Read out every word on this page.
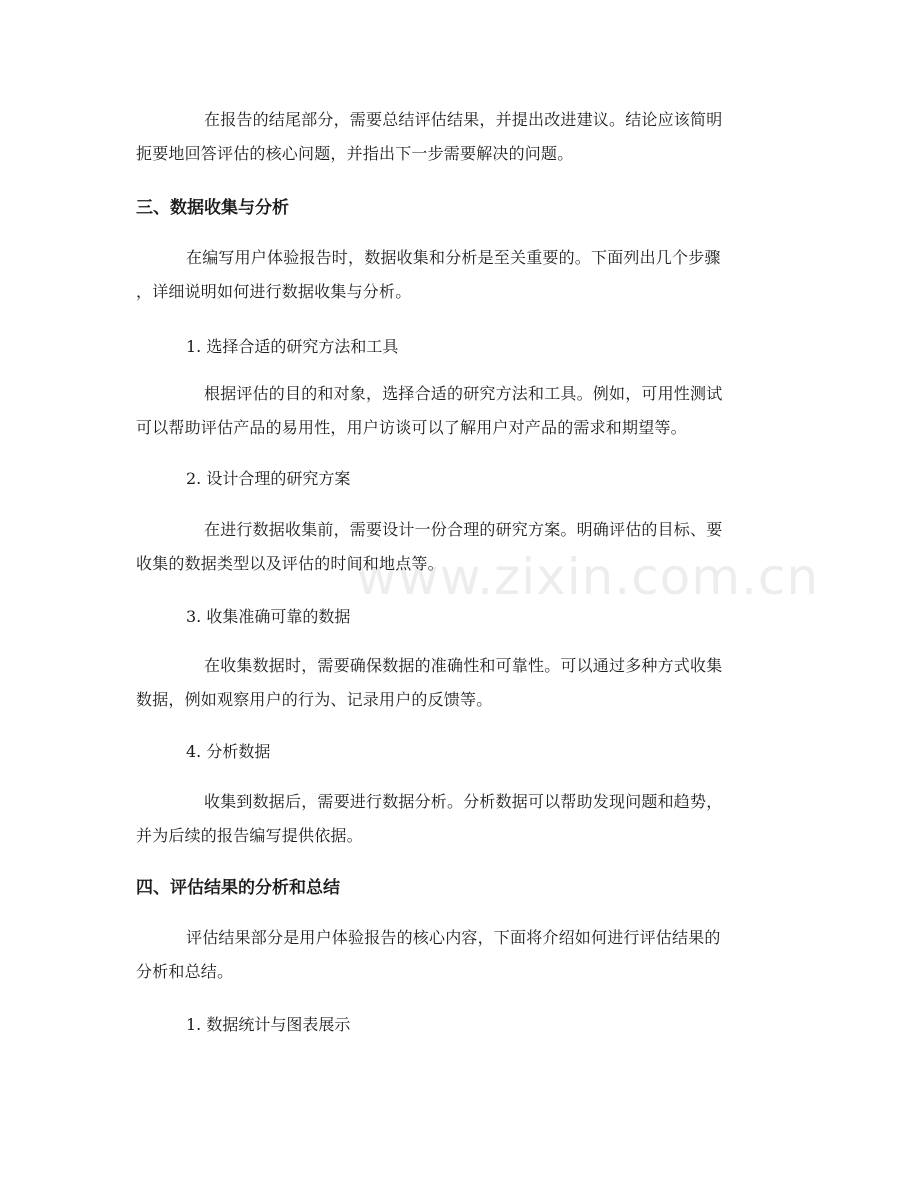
在报告的结尾部分，需要总结评估结果，并提出改进建议。结论应该简明
扼要地回答评估的核心问题，并指出下一步需要解决的问题。
三、数据收集与分析
在编写用户体验报告时，数据收集和分析是至关重要的。下面列出几个步骤
，详细说明如何进行数据收集与分析。
1. 选择合适的研究方法和工具
根据评估的目的和对象，选择合适的研究方法和工具。例如，可用性测试
可以帮助评估产品的易用性，用户访谈可以了解用户对产品的需求和期望等。
2. 设计合理的研究方案
在进行数据收集前，需要设计一份合理的研究方案。明确评估的目标、要
收集的数据类型以及评估的时间和地点等。
3. 收集准确可靠的数据
在收集数据时，需要确保数据的准确性和可靠性。可以通过多种方式收集
数据，例如观察用户的行为、记录用户的反馈等。
4. 分析数据
收集到数据后，需要进行数据分析。分析数据可以帮助发现问题和趋势，
并为后续的报告编写提供依据。
四、评估结果的分析和总结
评估结果部分是用户体验报告的核心内容，下面将介绍如何进行评估结果的
分析和总结。
1. 数据统计与图表展示
www.zixin.com.cn
